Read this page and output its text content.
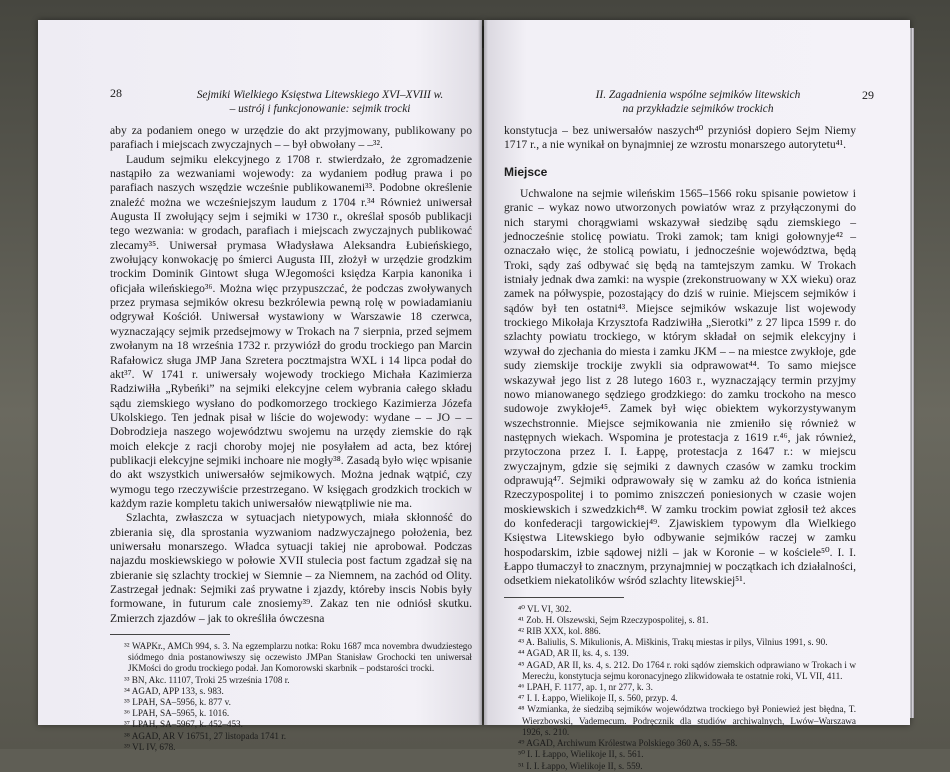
28	Sejmiki Wielkiego Księstwa Litewskiego XVI–XVIII w.
– ustrój i funkcjonowanie: sejmik trocki

aby za podaniem onego w urzędzie do akt przyjmowany, publikowany po parafiach i miejscach zwyczajnych – – był obwołany – –³².

Laudum sejmiku elekcyjnego z 1708 r. stwierdzało, że zgromadzenie nastąpiło za wezwaniami wojewody: za wydaniem podług prawa i po parafiach naszych wszędzie wcześnie publikowanemi³³. Podobne określenie znaleźć można we wcześniejszym laudum z 1704 r.³⁴ Również uniwersał Augusta II zwołujący sejm i sejmiki w 1730 r., określał sposób publikacji tego wezwania: w grodach, parafiach i miejscach zwyczajnych publikować zlecamy³⁵. Uniwersał prymasa Władysława Aleksandra Łubieńskiego, zwołujący konwokację po śmierci Augusta III, złożył w urzędzie grodzkim trockim Dominik Gintowt sługa WJegomości księdza Karpia kanonika i oficjała wileńskiego³⁶. Można więc przypuszczać, że podczas zwoływanych przez prymasa sejmików okresu bezkrólewia pewną rolę w powiadamianiu odgrywał Kościół. Uniwersał wystawiony w Warszawie 18 czerwca, wyznaczający sejmik przedsejmowy w Trokach na 7 sierpnia, przed sejmem zwołanym na 18 września 1732 r. przywiózł do grodu trockiego pan Marcin Rafałowicz sługa JMP Jana Szretera pocztmajstra WXL i 14 lipca podał do akt³⁷. W 1741 r. uniwersały wojewody trockiego Michała Kazimierza Radziwiłła „Rybeńki” na sejmiki elekcyjne celem wybrania całego składu sądu ziemskiego wysłano do podkomorzego trockiego Kazimierza Józefa Ukolskiego. Ten jednak pisał w liście do wojewody: wydane – – JO – – Dobrodzieja naszego województwu swojemu na urzędy ziemskie do rąk moich elekcje z racji choroby mojej nie posyłałem ad acta, bez której publikacji elekcyjne sejmiki inchoare nie mogły³⁸. Zasadą było więc wpisanie do akt wszystkich uniwersałów sejmikowych. Można jednak wątpić, czy wymogu tego rzeczywiście przestrzegano. W księgach grodzkich trockich w każdym razie kompletu takich uniwersałów niewątpliwie nie ma.

Szlachta, zwłaszcza w sytuacjach nietypowych, miała skłonność do zbierania się, dla sprostania wyzwaniom nadzwyczajnego położenia, bez uniwersału monarszego. Władca sytuacji takiej nie aprobował. Podczas najazdu moskiewskiego w połowie XVII stulecia post factum zgadzał się na zbieranie się szlachty trockiej w Siemnie – za Niemnem, na zachód od Olity. Zastrzegał jednak: Sejmiki zaś prywatne i zjazdy, któreby inscis Nobis były formowane, in futurum cale znosiemy³⁹. Zakaz ten nie odniósł skutku. Zmierzch zjazdów – jak to określiła ówczesna

³² WAPKr., AMCh 994, s. 3. Na egzemplarzu notka: Roku 1687 mca novembra dwudziestego siódmego dnia postanowiwszy się oczewisto JMPan Stanisław Grochocki ten uniwersał JKMości do grodu trockiego podał. Jan Komorowski skarbnik – podstarości trocki.
³³ BN, Akc. 11107, Troki 25 września 1708 r.
³⁴ AGAD, APP 133, s. 983.
³⁵ LPAH, SA–5956, k. 877 v.
³⁶ LPAH, SA–5965, k. 1016.
³⁷ LPAH, SA–5967, k. 452–453.
³⁸ AGAD, AR V 16751, 27 listopada 1741 r.
³⁹ VL IV, 678.
II. Zagadnienia wspólne sejmików litewskich
na przykładzie sejmików trockich
29

konstytucja – bez uniwersałów naszych⁴⁰ przyniósł dopiero Sejm Niemy 1717 r., a nie wynikał on bynajmniej ze wzrostu monarszego autorytetu⁴¹.

Miejsce

Uchwalone na sejmie wileńskim 1565–1566 roku spisanie powietow i granic – wykaz nowo utworzonych powiatów wraz z przyłączonymi do nich starymi chorągwiami wskazywał siedzibę sądu ziemskiego – jednocześnie stolicę powiatu. Troki zamok; tam knigi gołownyje⁴² – oznaczało więc, że stolicą powiatu, i jednocześnie województwa, będą Troki, sądy zaś odbywać się będą na tamtejszym zamku. W Trokach istniały jednak dwa zamki: na wyspie (zrekonstruowany w XX wieku) oraz zamek na półwyspie, pozostający do dziś w ruinie. Miejscem sejmików i sądów był ten ostatni⁴³. Miejsce sejmików wskazuje list wojewody trockiego Mikołaja Krzysztofa Radziwiłła „Sierotki” z 27 lipca 1599 r. do szlachty powiatu trockiego, w którym składał on sejmik elekcyjny i wzywał do zjechania do miesta i zamku JKM – – na miestce zwykłoje, gde sudy ziemskije trockije zwykli sia odprawowat⁴⁴. To samo miejsce wskazywał jego list z 28 lutego 1603 r., wyznaczający termin przyjmy nowo mianowanego sędziego grodzkiego: do zamku trockoho na mesco sudowoje zwykłoje⁴⁵. Zamek był więc obiektem wykorzystywanym wszechstronnie. Miejsce sejmikowania nie zmieniło się również w następnych wiekach. Wspomina je protestacja z 1619 r.⁴⁶, jak również, przytoczona przez I. I. Łappę, protestacja z 1647 r.: w miejscu zwyczajnym, gdzie się sejmiki z dawnych czasów w zamku trockim odprawują⁴⁷. Sejmiki odprawowały się w zamku aż do końca istnienia Rzeczypospolitej i to pomimo zniszczeń poniesionych w czasie wojen moskiewskich i szwedzkich⁴⁸. W zamku trockim powiat zgłosił też akces do konfederacji targowickiej⁴⁹. Zjawiskiem typowym dla Wielkiego Księstwa Litewskiego było odbywanie sejmików raczej w zamku hospodarskim, izbie sądowej niżli – jak w Koronie – w kościele⁵⁰. I. I. Łappo tłumaczył to znacznym, przynajmniej w początkach ich działalności, odsetkiem niekatolików wśród szlachty litewskiej⁵¹.

⁴⁰ VL VI, 302.
⁴¹ Zob. H. Olszewski, Sejm Rzeczypospolitej, s. 81.
⁴² RIB XXX, kol. 886.
⁴³ A. Baliulis, S. Mikulionis, A. Miškinis, Trakų miestas ir pilys, Vilnius 1991, s. 90.
⁴⁴ AGAD, AR II, ks. 4, s. 139.
⁴⁵ AGAD, AR II, ks. 4, s. 212. Do 1764 r. roki sądów ziemskich odprawiano w Trokach i w Merecżu, konstytucja sejmu koronacyjnego zlikwidowała te ostatnie roki, VL VII, 411.
⁴⁶ LPAH, F. 1177, ap. 1, nr 277, k. 3.
⁴⁷ I. I. Łappo, Wielikoje II, s. 560, przyp. 4.
⁴⁸ Wzmianka, że siedzibą sejmików województwa trockiego był Poniewież jest błędna, T. Wierzbowski, Vademecum. Podręcznik dla studiów archiwalnych, Lwów–Warszawa 1926, s. 210.
⁴⁹ AGAD, Archiwum Królestwa Polskiego 360 A, s. 55–58.
⁵⁰ I. I. Łappo, Wielikoje II, s. 561.
⁵¹ I. I. Łappo, Wielikoje II, s. 559.
